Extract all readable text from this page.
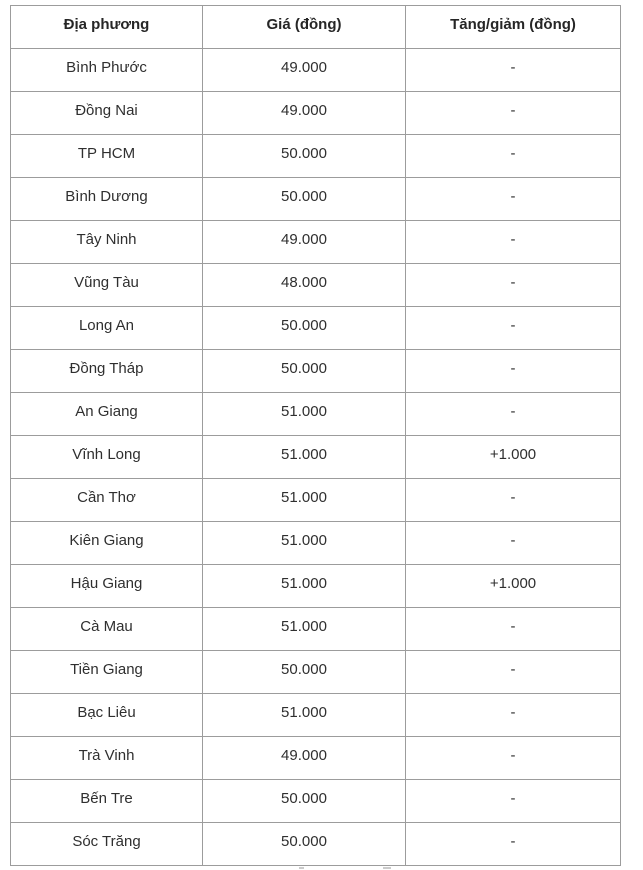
Địa phương	Giá (đồng)	Tăng/giảm (đồng)
Bình Phước	49.000	-
Đồng Nai	49.000	-
TP HCM	50.000	-
Bình Dương	50.000	-
Tây Ninh	49.000	-
Vũng Tàu	48.000	-
Long An	50.000	-
Đồng Tháp	50.000	-
An Giang	51.000	-
Vĩnh Long	51.000	+1.000
Cần Thơ	51.000	-
Kiên Giang	51.000	-
Hậu Giang	51.000	+1.000
Cà Mau	51.000	-
Tiền Giang	50.000	-
Bạc Liêu	51.000	-
Trà Vinh	49.000	-
Bến Tre	50.000	-
Sóc Trăng	50.000	-
